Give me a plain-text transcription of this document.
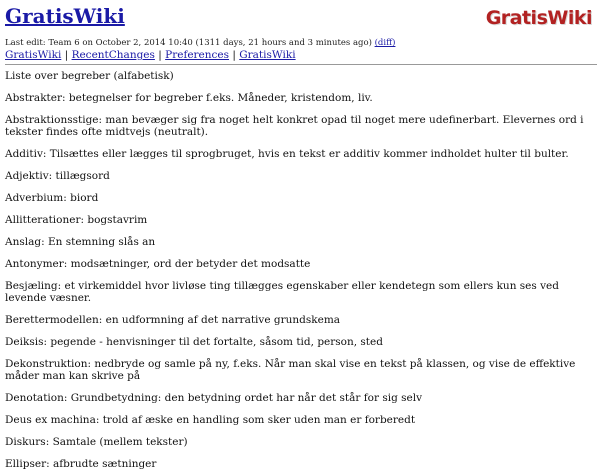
GratisWiki	GratisWiki
Last edit: Team 6 on October 2, 2014 10:40 (1311 days, 21 hours and 3 minutes ago) (diff)
GratisWiki | RecentChanges | Preferences | GratisWiki

Liste over begreber (alfabetisk)

Abstrakter: betegnelser for begreber f.eks. Måneder, kristendom, liv.

Abstraktionsstige: man bevæger sig fra noget helt konkret opad til noget mere udefinerbart. Elevernes ord i tekster findes ofte midtvejs (neutralt).

Additiv: Tilsættes eller lægges til sprogbruget, hvis en tekst er additiv kommer indholdet hulter til bulter.

Adjektiv: tillægsord

Adverbium: biord

Allitterationer: bogstavrim

Anslag: En stemning slås an

Antonymer: modsætninger, ord der betyder det modsatte

Besjæling: et virkemiddel hvor livløse ting tillægges egenskaber eller kendetegn som ellers kun ses ved levende væsner.

Berettermodellen: en udformning af det narrative grundskema

Deiksis: pegende - henvisninger til det fortalte, såsom tid, person, sted

Dekonstruktion: nedbryde og samle på ny, f.eks. Når man skal vise en tekst på klassen, og vise de effektive måder man kan skrive på

Denotation: Grundbetydning: den betydning ordet har når det står for sig selv

Deus ex machina: trold af æske en handling som sker uden man er forberedt

Diskurs: Samtale (mellem tekster)

Ellipser: afbrudte sætninger
